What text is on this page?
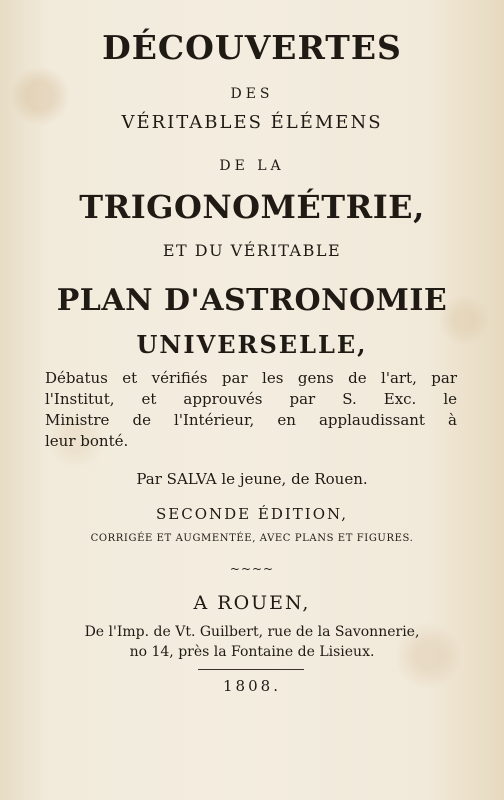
DÉCOUVERTES
DES
VÉRITABLES ÉLÉMENS
DE LA
TRIGONOMÉTRIE,
ET DU VÉRITABLE
PLAN D'ASTRONOMIE
UNIVERSELLE,
Débatus et vérifiés par les gens de l'art, par
l'Institut, et approuvés par S. Exc. le
Ministre de l'Intérieur, en applaudissant à
leur bonté.
Par SALVA le jeune, de Rouen.
SECONDE ÉDITION,
CORRIGÉE ET AUGMENTÉE, AVEC PLANS ET FIGURES.
~~~~
A ROUEN,
De l'Imp. de Vt. Guilbert, rue de la Savonnerie,
no 14, près la Fontaine de Lisieux.
1808.
